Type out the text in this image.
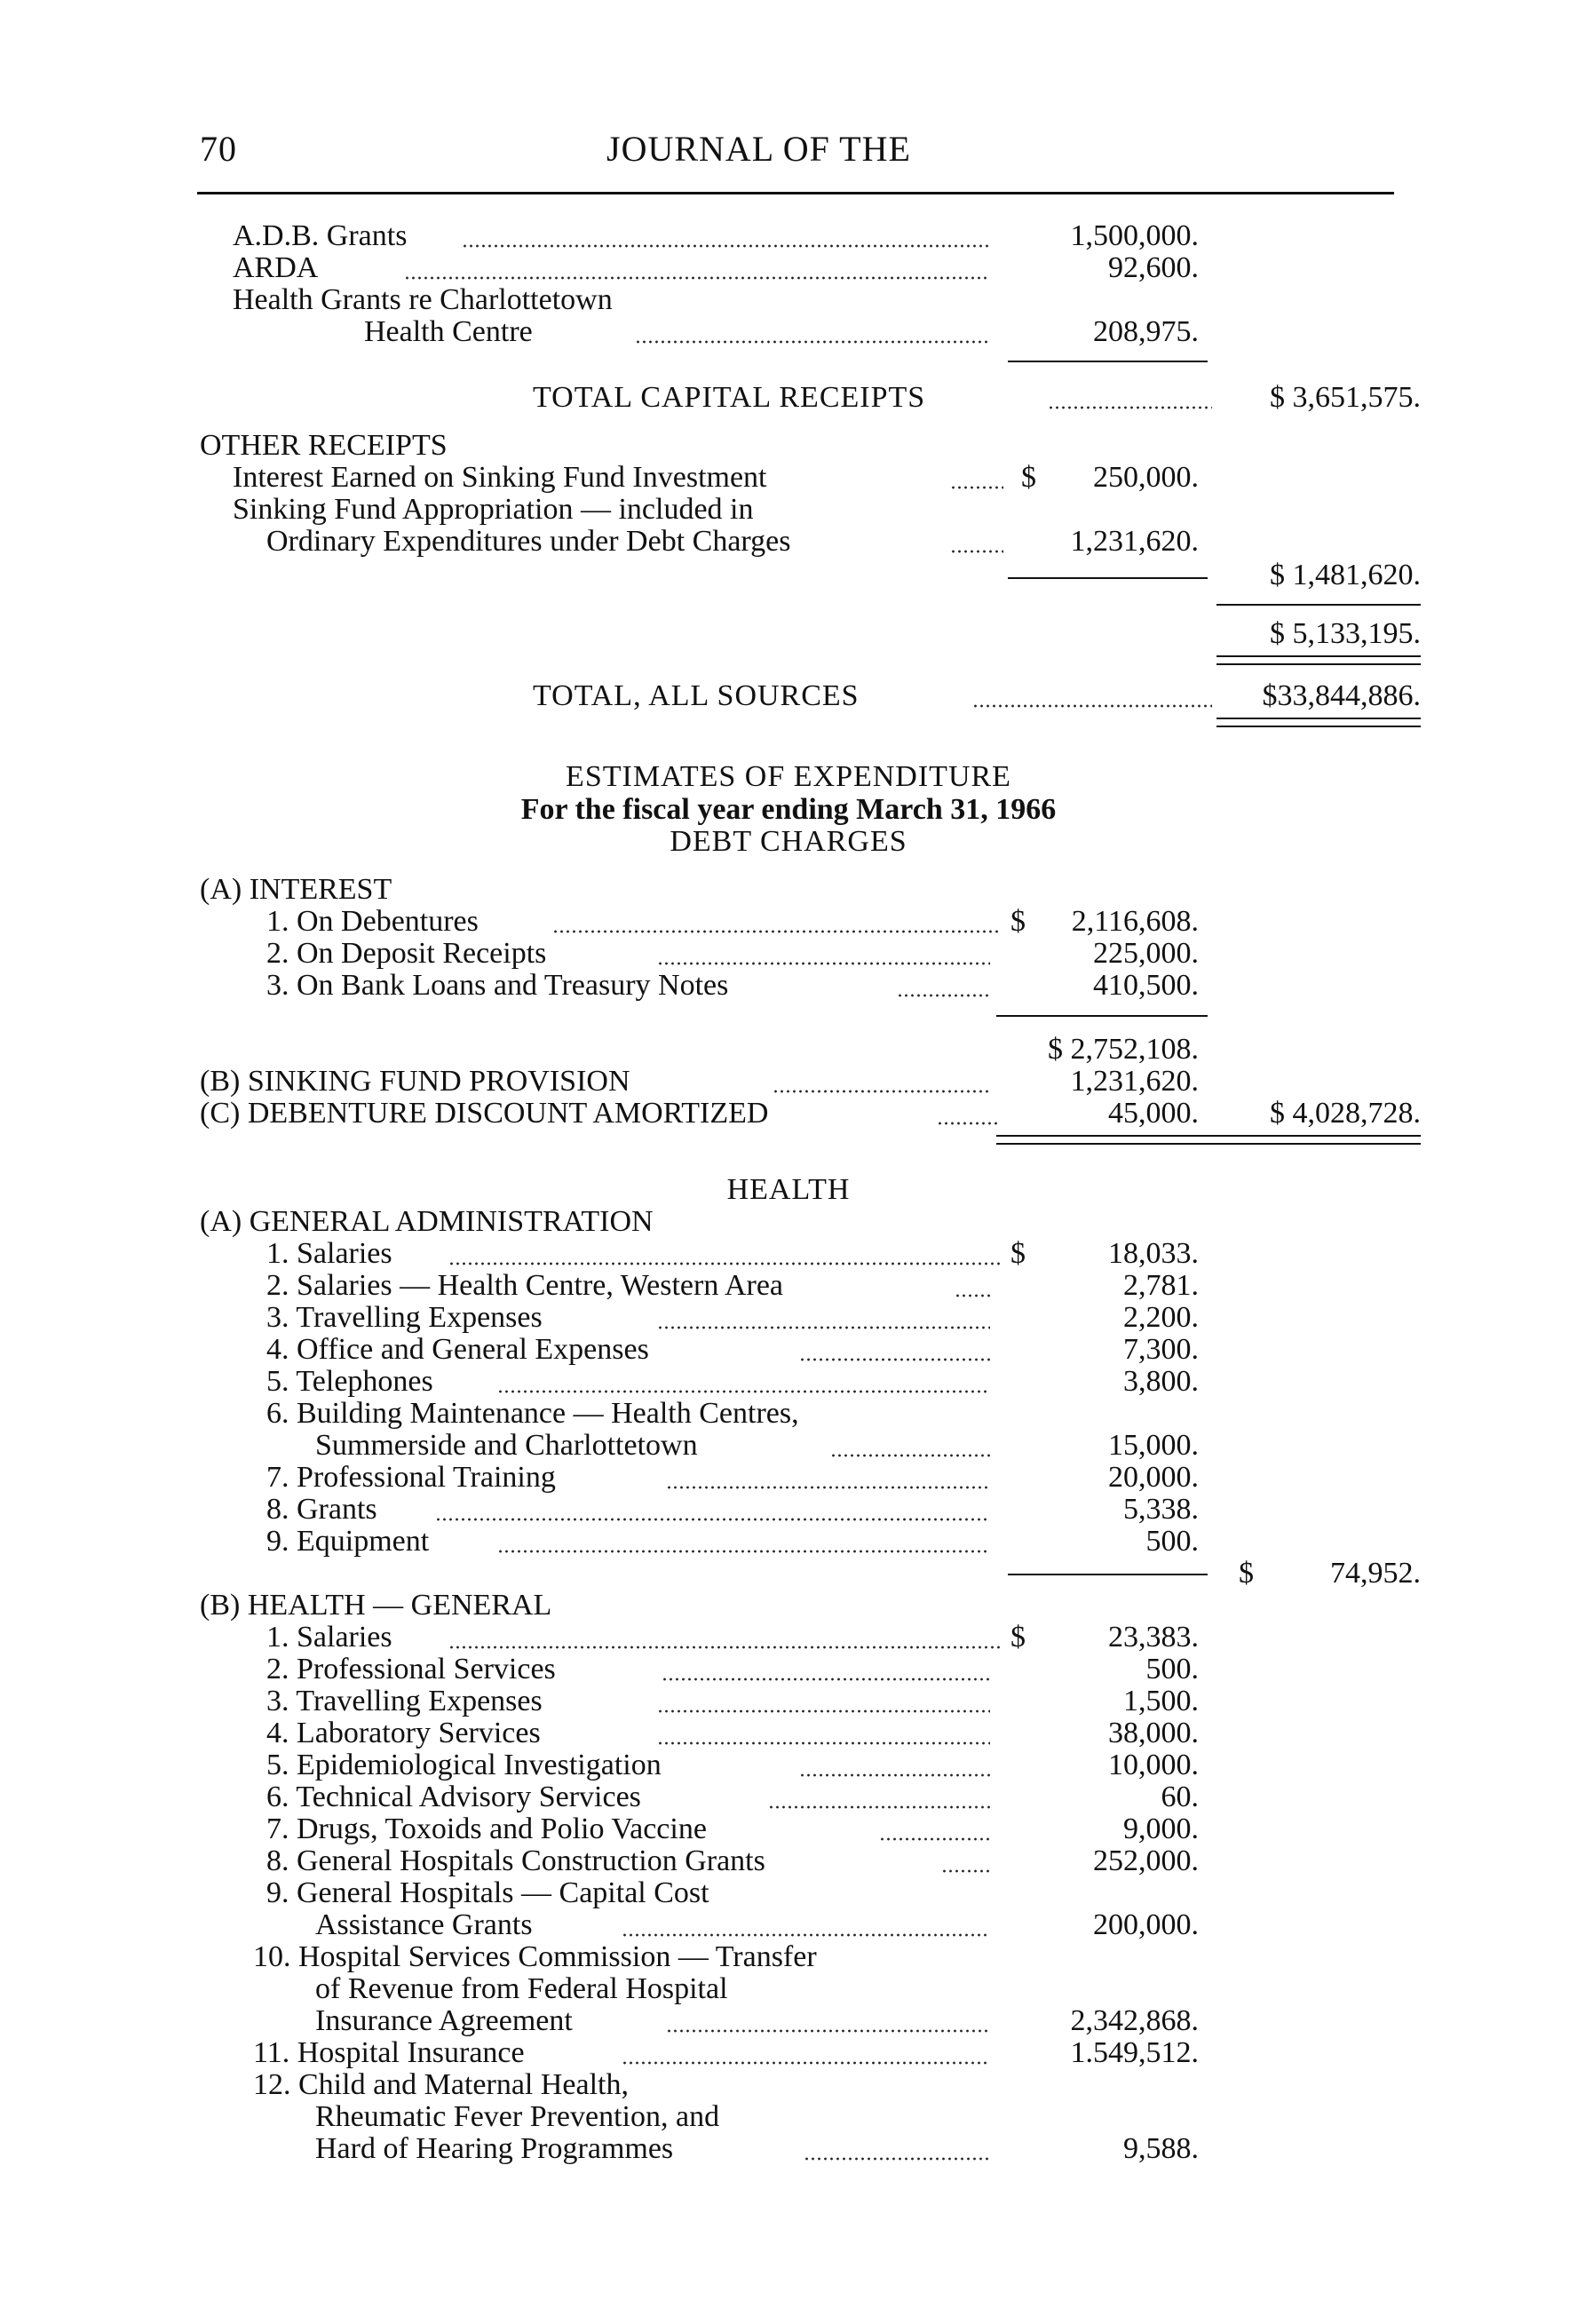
70	JOURNAL OF THE
A.D.B. Grants	1,500,000.
ARDA	92,600.
Health Grants re Charlottetown
Health Centre	208,975.
TOTAL CAPITAL RECEIPTS	$ 3,651,575.
OTHER RECEIPTS
Interest Earned on Sinking Fund Investment	$	250,000.
Sinking Fund Appropriation — included in
Ordinary Expenditures under Debt Charges	1,231,620.
$ 1,481,620.
$ 5,133,195.
TOTAL, ALL SOURCES	$33,844,886.
ESTIMATES OF EXPENDITURE
For the fiscal year ending March 31, 1966
DEBT CHARGES
(A) INTEREST
1. On Debentures	$	2,116,608.
2. On Deposit Receipts	225,000.
3. On Bank Loans and Treasury Notes	410,500.
$ 2,752,108.
(B) SINKING FUND PROVISION	1,231,620.
(C) DEBENTURE DISCOUNT AMORTIZED	45,000.	$ 4,028,728.
HEALTH
(A) GENERAL ADMINISTRATION
1. Salaries	$	18,033.
2. Salaries — Health Centre, Western Area	2,781.
3. Travelling Expenses	2,200.
4. Office and General Expenses	7,300.
5. Telephones	3,800.
6. Building Maintenance — Health Centres,
Summerside and Charlottetown	15,000.
7. Professional Training	20,000.
8. Grants	5,338.
9. Equipment	500.
$	74,952.
(B) HEALTH — GENERAL
1. Salaries	$	23,383.
2. Professional Services	500.
3. Travelling Expenses	1,500.
4. Laboratory Services	38,000.
5. Epidemiological Investigation	10,000.
6. Technical Advisory Services	60.
7. Drugs, Toxoids and Polio Vaccine	9,000.
8. General Hospitals Construction Grants	252,000.
9. General Hospitals — Capital Cost
Assistance Grants	200,000.
10. Hospital Services Commission — Transfer
of Revenue from Federal Hospital
Insurance Agreement	2,342,868.
11. Hospital Insurance	1.549,512.
12. Child and Maternal Health,
Rheumatic Fever Prevention, and
Hard of Hearing Programmes	9,588.
